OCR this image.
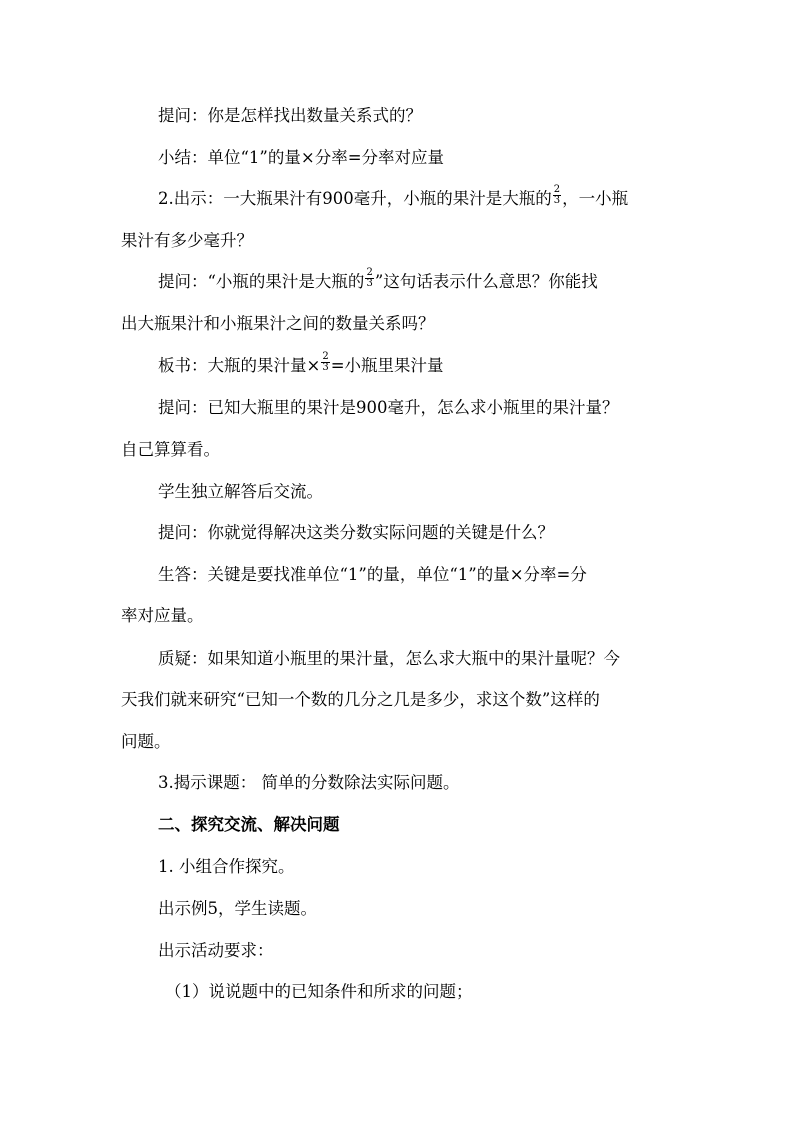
提问：你是怎样找出数量关系式的？
小结：单位“1”的量×分率=分率对应量
2.出示：一大瓶果汁有900毫升，小瓶的果汁是大瓶的 $\frac{2}{3}$ ，一小瓶
果汁有多少毫升？
提问：“小瓶的果汁是大瓶的 $\frac{2}{3}$ ”这句话表示什么意思？你能找
出大瓶果汁和小瓶果汁之间的数量关系吗？
板书：大瓶的果汁量× $\frac{2}{3}$ =小瓶里果汁量
提问：已知大瓶里的果汁是900毫升，怎么求小瓶里的果汁量？
自己算算看。
学生独立解答后交流。
提问：你就觉得解决这类分数实际问题的关键是什么？
生答：关键是要找准单位“1”的量，单位“1”的量×分率=分
率对应量。
质疑：如果知道小瓶里的果汁量，怎么求大瓶中的果汁量呢？今
天我们就来研究“已知一个数的几分之几是多少，求这个数”这样的
问题。
3.揭示课题： 简单的分数除法实际问题。
二、探究交流、解决问题
1. 小组合作探究。
出示例5，学生读题。
出示活动要求：
（1）说说题中的已知条件和所求的问题；
